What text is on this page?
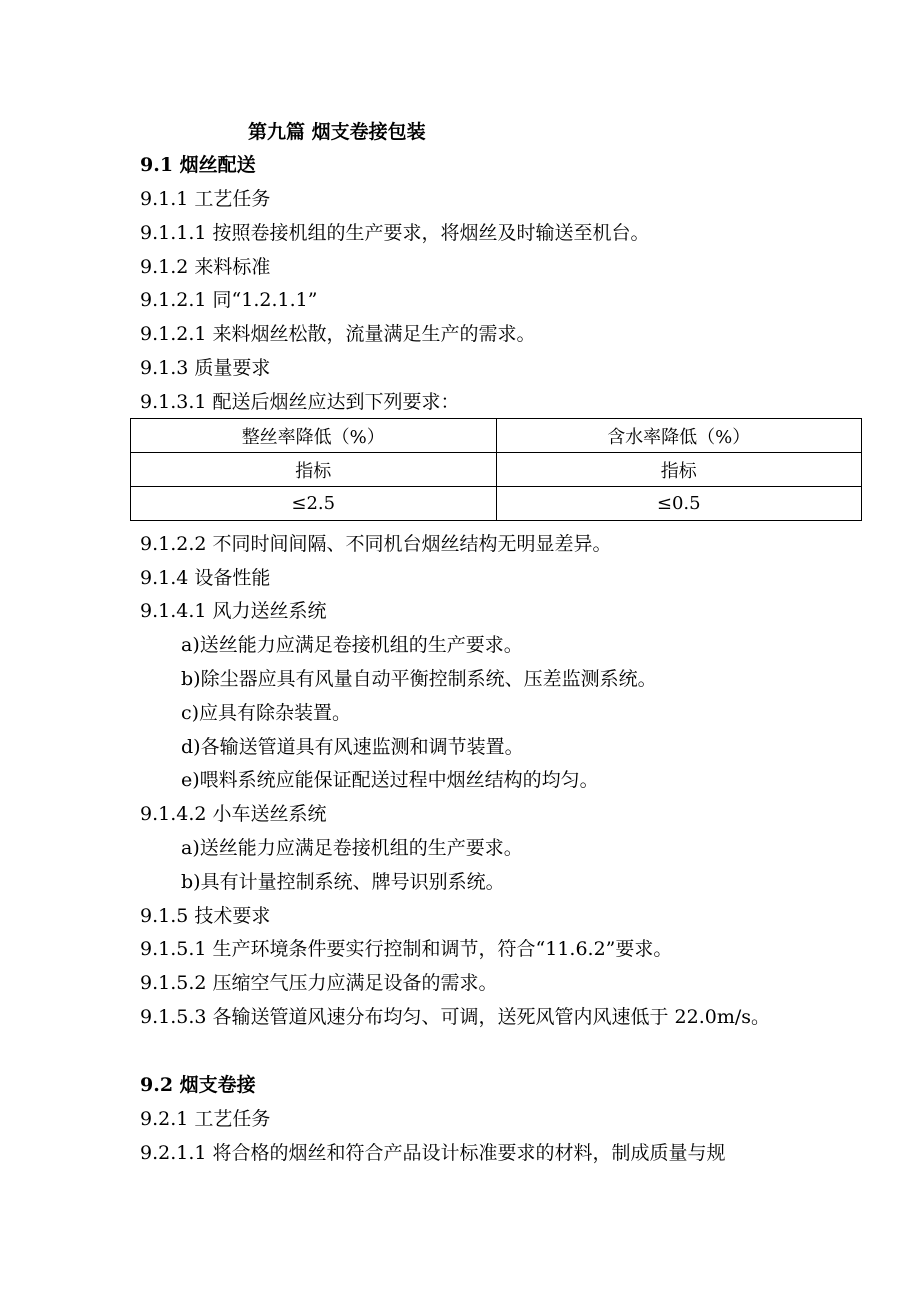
第九篇 烟支卷接包装
9.1 烟丝配送
9.1.1 工艺任务
9.1.1.1 按照卷接机组的生产要求，将烟丝及时输送至机台。
9.1.2 来料标准
9.1.2.1 同“1.2.1.1”
9.1.2.1 来料烟丝松散，流量满足生产的需求。
9.1.3 质量要求
9.1.3.1 配送后烟丝应达到下列要求：
整丝率降低（%）	含水率降低（%）
指标	指标
≤2.5	≤0.5
9.1.2.2 不同时间间隔、不同机台烟丝结构无明显差异。
9.1.4 设备性能
9.1.4.1 风力送丝系统
a)送丝能力应满足卷接机组的生产要求。
b)除尘器应具有风量自动平衡控制系统、压差监测系统。
c)应具有除杂装置。
d)各输送管道具有风速监测和调节装置。
e)喂料系统应能保证配送过程中烟丝结构的均匀。
9.1.4.2 小车送丝系统
a)送丝能力应满足卷接机组的生产要求。
b)具有计量控制系统、牌号识别系统。
9.1.5 技术要求
9.1.5.1 生产环境条件要实行控制和调节，符合“11.6.2”要求。
9.1.5.2 压缩空气压力应满足设备的需求。
9.1.5.3 各输送管道风速分布均匀、可调，送死风管内风速低于 22.0m/s。
9.2 烟支卷接
9.2.1 工艺任务
9.2.1.1 将合格的烟丝和符合产品设计标准要求的材料，制成质量与规
